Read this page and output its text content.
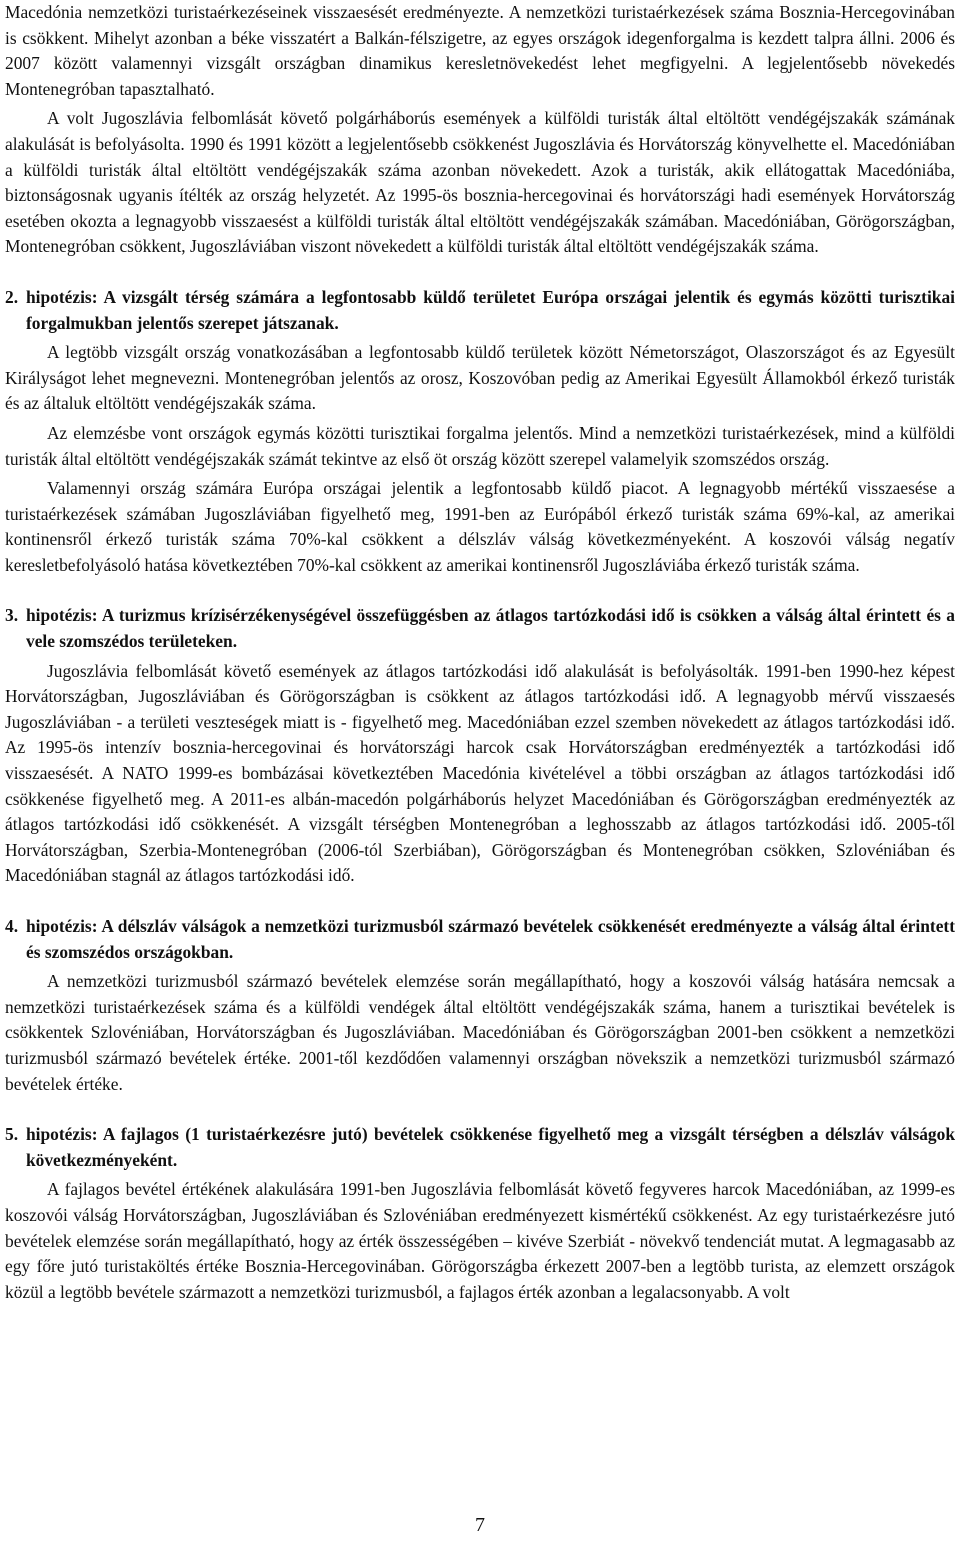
Macedónia nemzetközi turistaérkezéseinek visszaesését eredményezte. A nemzetközi turistaérkezések száma Bosznia-Hercegovinában is csökkent. Mihelyt azonban a béke visszatért a Balkán-félszigetre, az egyes országok idegenforgalma is kezdett talpra állni. 2006 és 2007 között valamennyi vizsgált országban dinamikus keresletnövekedést lehet megfigyelni. A legjelentősebb növekedés Montenegróban tapasztalható.

A volt Jugoszlávia felbomlását követő polgárháborús események a külföldi turisták által eltöltött vendégéjszakák számának alakulását is befolyásolta. 1990 és 1991 között a legjelentősebb csökkenést Jugoszlávia és Horvátország könyvelhette el. Macedóniában a külföldi turisták által eltöltött vendégéjszakák száma azonban növekedett. Azok a turisták, akik ellátogattak Macedóniába, biztonságosnak ugyanis ítélték az ország helyzetét. Az 1995-ös bosznia-hercegovinai és horvátországi hadi események Horvátország esetében okozta a legnagyobb visszaesést a külföldi turisták által eltöltött vendégéjszakák számában. Macedóniában, Görögországban, Montenegróban csökkent, Jugoszláviában viszont növekedett a külföldi turisták által eltöltött vendégéjszakák száma.

2. hipotézis: A vizsgált térség számára a legfontosabb küldő területet Európa országai jelentik és egymás közötti turisztikai forgalmukban jelentős szerepet játszanak.

A legtöbb vizsgált ország vonatkozásában a legfontosabb küldő területek között Németországot, Olaszországot és az Egyesült Királyságot lehet megnevezni. Montenegróban jelentős az orosz, Koszovóban pedig az Amerikai Egyesült Államokból érkező turisták és az általuk eltöltött vendégéjszakák száma.

Az elemzésbe vont országok egymás közötti turisztikai forgalma jelentős. Mind a nemzetközi turistaérkezések, mind a külföldi turisták által eltöltött vendégéjszakák számát tekintve az első öt ország között szerepel valamelyik szomszédos ország.

Valamennyi ország számára Európa országai jelentik a legfontosabb küldő piacot. A legnagyobb mértékű visszaesése a turistaérkezések számában Jugoszláviában figyelhető meg, 1991-ben az Európából érkező turisták száma 69%-kal, az amerikai kontinensről érkező turisták száma 70%-kal csökkent a délszláv válság következményeként. A koszovói válság negatív keresletbefolyásoló hatása következtében 70%-kal csökkent az amerikai kontinensről Jugoszláviába érkező turisták száma.

3. hipotézis: A turizmus krízisérzékenységével összefüggésben az átlagos tartózkodási idő is csökken a válság által érintett és a vele szomszédos területeken.

Jugoszlávia felbomlását követő események az átlagos tartózkodási idő alakulását is befolyásolták. 1991-ben 1990-hez képest Horvátországban, Jugoszláviában és Görögországban is csökkent az átlagos tartózkodási idő. A legnagyobb mérvű visszaesés Jugoszláviában - a területi veszteségek miatt is - figyelhető meg. Macedóniában ezzel szemben növekedett az átlagos tartózkodási idő. Az 1995-ös intenzív bosznia-hercegovinai és horvátországi harcok csak Horvátországban eredményezték a tartózkodási idő visszaesését. A NATO 1999-es bombázásai következtében Macedónia kivételével a többi országban az átlagos tartózkodási idő csökkenése figyelhető meg. A 2011-es albán-macedón polgárháborús helyzet Macedóniában és Görögországban eredményezték az átlagos tartózkodási idő csökkenését. A vizsgált térségben Montenegróban a leghosszabb az átlagos tartózkodási idő. 2005-től Horvátországban, Szerbia-Montenegróban (2006-tól Szerbiában), Görögországban és Montenegróban csökken, Szlovéniában és Macedóniában stagnál az átlagos tartózkodási idő.

4. hipotézis: A délszláv válságok a nemzetközi turizmusból származó bevételek csökkenését eredményezte a válság által érintett és szomszédos országokban.

A nemzetközi turizmusból származó bevételek elemzése során megállapítható, hogy a koszovói válság hatására nemcsak a nemzetközi turistaérkezések száma és a külföldi vendégek által eltöltött vendégéjszakák száma, hanem a turisztikai bevételek is csökkentek Szlovéniában, Horvátországban és Jugoszláviában. Macedóniában és Görögországban 2001-ben csökkent a nemzetközi turizmusból származó bevételek értéke. 2001-től kezdődően valamennyi országban növekszik a nemzetközi turizmusból származó bevételek értéke.

5. hipotézis: A fajlagos (1 turistaérkezésre jutó) bevételek csökkenése figyelhető meg a vizsgált térségben a délszláv válságok következményeként.

A fajlagos bevétel értékének alakulására 1991-ben Jugoszlávia felbomlását követő fegyveres harcok Macedóniában, az 1999-es koszovói válság Horvátországban, Jugoszláviában és Szlovéniában eredményezett kismértékű csökkenést. Az egy turistaérkezésre jutó bevételek elemzése során megállapítható, hogy az érték összességében – kivéve Szerbiát - növekvő tendenciát mutat. A legmagasabb az egy főre jutó turistaköltés értéke Bosznia-Hercegovinában. Görögországba érkezett 2007-ben a legtöbb turista, az elemzett országok közül a legtöbb bevétele származott a nemzetközi turizmusból, a fajlagos érték azonban a legalacsonyabb. A volt

7
